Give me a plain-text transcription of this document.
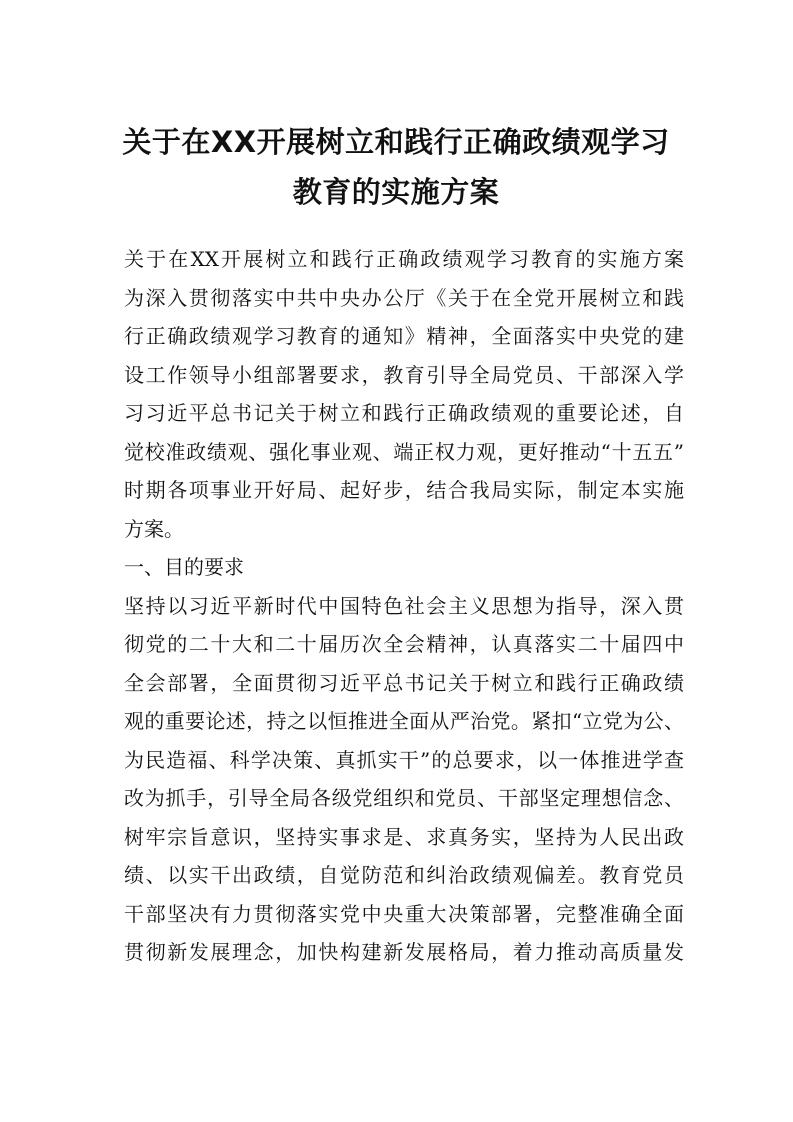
关于在XX开展树立和践行正确政绩观学习
教育的实施方案
关于在XX开展树立和践行正确政绩观学习教育的实施方案
为深入贯彻落实中共中央办公厅《关于在全党开展树立和践
行正确政绩观学习教育的通知》精神，全面落实中央党的建
设工作领导小组部署要求，教育引导全局党员、干部深入学
习习近平总书记关于树立和践行正确政绩观的重要论述，自
觉校准政绩观、强化事业观、端正权力观，更好推动“十五五”
时期各项事业开好局、起好步，结合我局实际，制定本实施
方案。
一、目的要求
坚持以习近平新时代中国特色社会主义思想为指导，深入贯
彻党的二十大和二十届历次全会精神，认真落实二十届四中
全会部署，全面贯彻习近平总书记关于树立和践行正确政绩
观的重要论述，持之以恒推进全面从严治党。紧扣“立党为公、
为民造福、科学决策、真抓实干”的总要求，以一体推进学查
改为抓手，引导全局各级党组织和党员、干部坚定理想信念、
树牢宗旨意识，坚持实事求是、求真务实，坚持为人民出政
绩、以实干出政绩，自觉防范和纠治政绩观偏差。教育党员
干部坚决有力贯彻落实党中央重大决策部署，完整准确全面
贯彻新发展理念，加快构建新发展格局，着力推动高质量发
